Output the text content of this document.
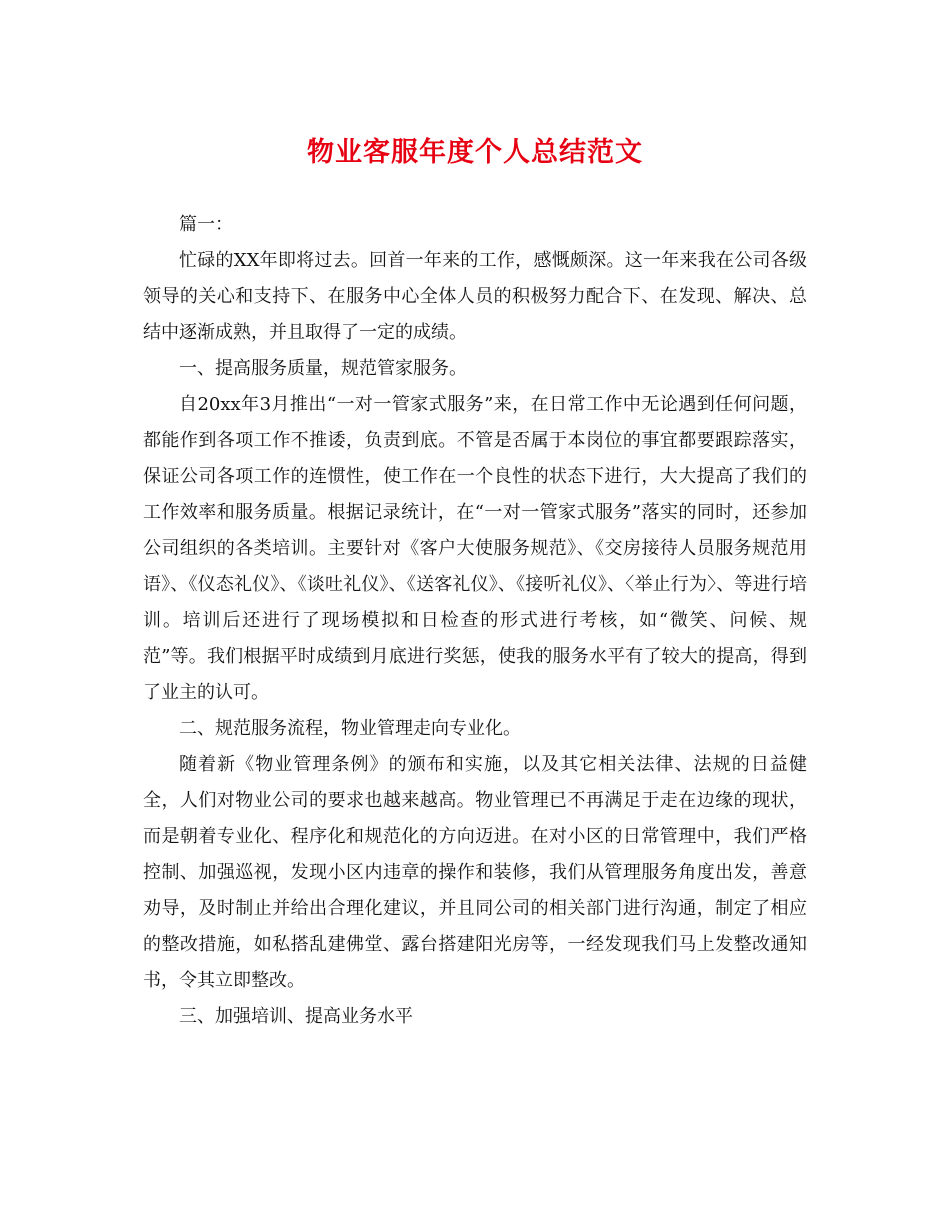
物业客服年度个人总结范文

篇一：

忙碌的XX年即将过去。回首一年来的工作，感慨颇深。这一年来我在公司各级领导的关心和支持下、在服务中心全体人员的积极努力配合下、在发现、解决、总结中逐渐成熟，并且取得了一定的成绩。

一、提高服务质量，规范管家服务。

自20xx年3月推出“一对一管家式服务”来，在日常工作中无论遇到任何问题，都能作到各项工作不推诿，负责到底。不管是否属于本岗位的事宜都要跟踪落实，保证公司各项工作的连惯性，使工作在一个良性的状态下进行，大大提高了我们的工作效率和服务质量。根据记录统计，在“一对一管家式服务”落实的同时，还参加公司组织的各类培训。主要针对《客户大使服务规范》、《交房接待人员服务规范用语》、《仪态礼仪》、《谈吐礼仪》、《送客礼仪》、《接听礼仪》、〈举止行为〉、等进行培训。培训后还进行了现场模拟和日检查的形式进行考核，如“微笑、问候、规范”等。我们根据平时成绩到月底进行奖惩，使我的服务水平有了较大的提高，得到了业主的认可。

二、规范服务流程，物业管理走向专业化。

随着新《物业管理条例》的颁布和实施，以及其它相关法律、法规的日益健全，人们对物业公司的要求也越来越高。物业管理已不再满足于走在边缘的现状，而是朝着专业化、程序化和规范化的方向迈进。在对小区的日常管理中，我们严格控制、加强巡视，发现小区内违章的操作和装修，我们从管理服务角度出发，善意劝导，及时制止并给出合理化建议，并且同公司的相关部门进行沟通，制定了相应的整改措施，如私搭乱建佛堂、露台搭建阳光房等，一经发现我们马上发整改通知书，令其立即整改。

三、加强培训、提高业务水平
